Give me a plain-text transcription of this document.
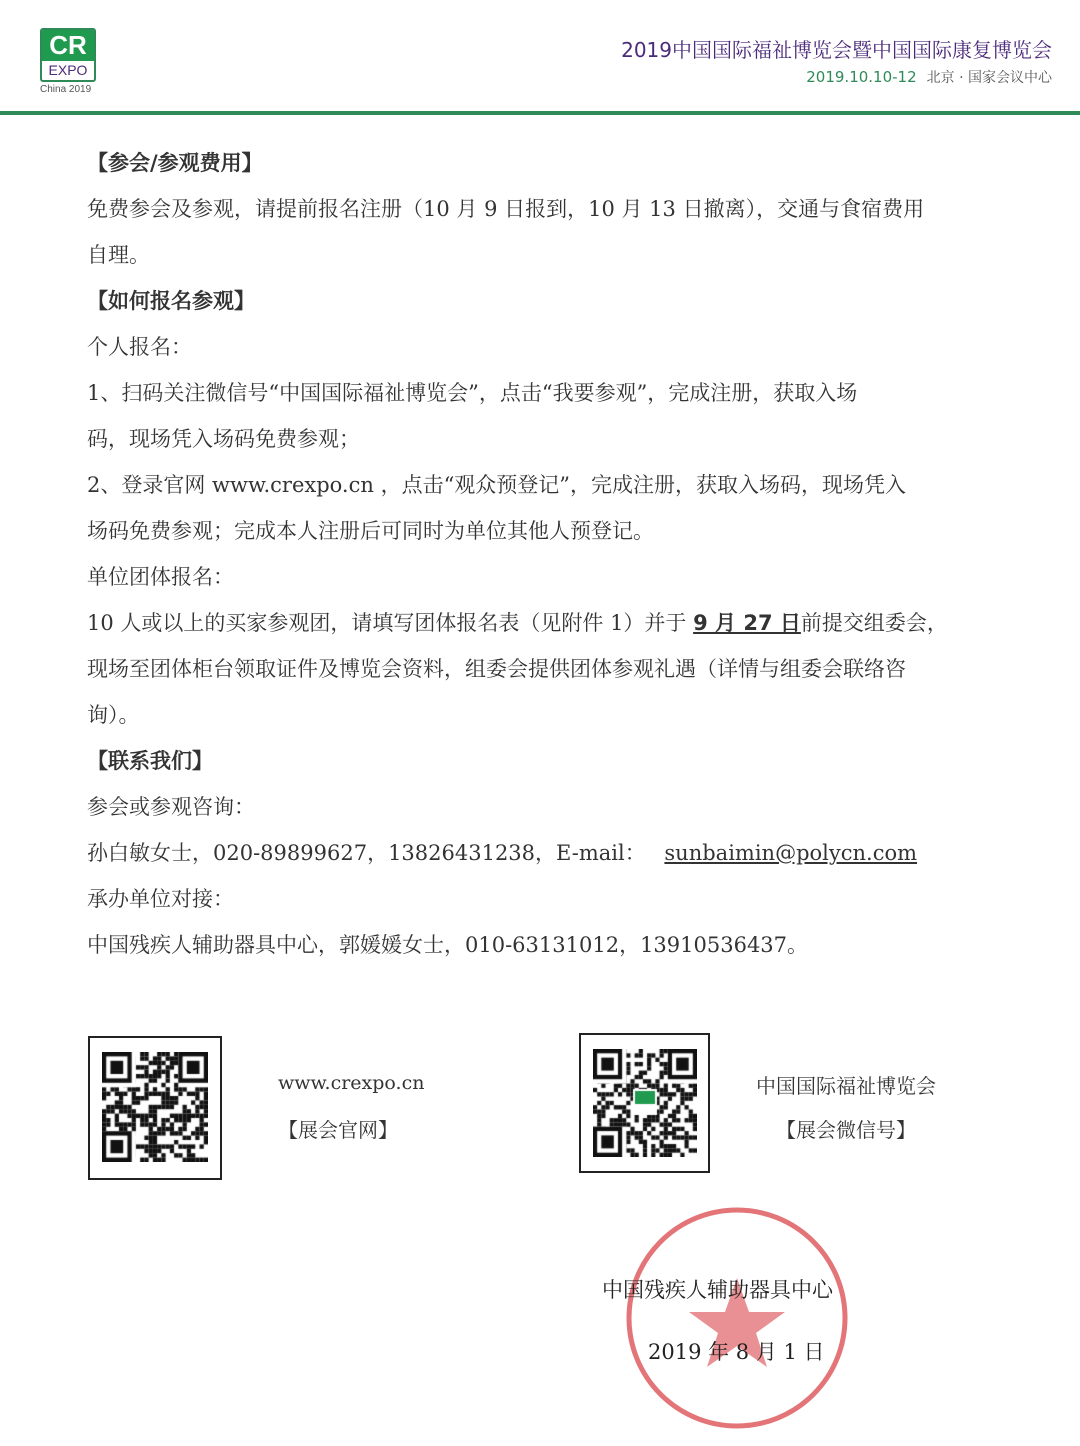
CR
EXPO
China 2019
2019中国国际福祉博览会暨中国国际康复博览会
2019.10.10-12 北京 · 国家会议中心
【参会/参观费用】
免费参会及参观，请提前报名注册（10 月 9 日报到，10 月 13 日撤离），交通与食宿费用
自理。
【如何报名参观】
个人报名：
1、扫码关注微信号“中国国际福祉博览会”，点击“我要参观”，完成注册，获取入场
码，现场凭入场码免费参观；
2、登录官网 www.crexpo.cn ，点击“观众预登记”，完成注册，获取入场码，现场凭入
场码免费参观；完成本人注册后可同时为单位其他人预登记。
单位团体报名：
10 人或以上的买家参观团，请填写团体报名表（见附件 1）并于 9 月 27 日前提交组委会，
现场至团体柜台领取证件及博览会资料，组委会提供团体参观礼遇（详情与组委会联络咨
询）。
【联系我们】
参会或参观咨询：
孙白敏女士，020-89899627，13826431238，E-mail： sunbaimin@polycn.com
承办单位对接：
中国残疾人辅助器具中心，郭媛媛女士，010-63131012，13910536437。
www.crexpo.cn
【展会官网】
中国国际福祉博览会
【展会微信号】
中国残疾人辅助器具中心
2019 年 8 月 1 日
